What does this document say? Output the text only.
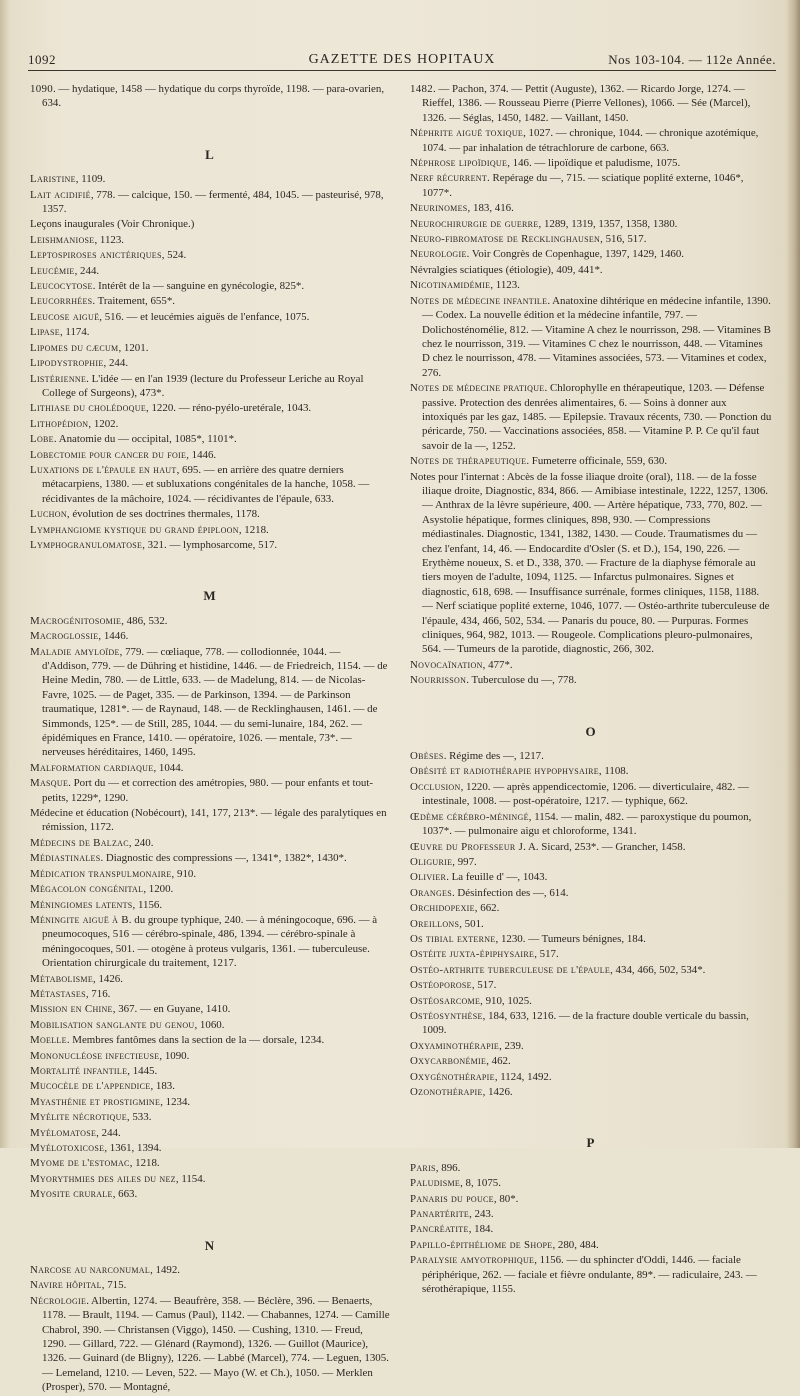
1092	GAZETTE DES HOPITAUX	Nos 103-104. — 112e Année.

1090. — hydatique, 1458 — hydatique du corps thyroïde, 1198. — para-ovarien, 634.

L

Laristine, 1109.

Lait acidifié, 778. — calcique, 150. — fermenté, 484, 1045. — pasteurisé, 978, 1357.

Leçons inaugurales (Voir Chronique.)

Leishmaniose, 1123.

Leptospiroses anictériques, 524.

Leucémie, 244.

Leucocytose. Intérêt de la — sanguine en gynécologie, 825*.

Leucorrhées. Traitement, 655*.

Leucose aiguë, 516. — et leucémies aiguës de l'enfance, 1075.

Lipase, 1174.

Lipomes du cæcum, 1201.

Lipodystrophie, 244.

Listérienne. L'idée — en l'an 1939 (lecture du Professeur Leriche au Royal College of Surgeons), 473*.

Lithiase du cholédoque, 1220. — réno-pyélo-uretérale, 1043.

Lithopédion, 1202.

Lobe. Anatomie du — occipital, 1085*, 1101*.

Lobectomie pour cancer du foie, 1446.

Luxations de l'épaule en haut, 695. — en arrière des quatre derniers métacarpiens, 1380. — et subluxations congénitales de la hanche, 1058. — récidivantes de la mâchoire, 1024. — récidivantes de l'épaule, 633.

Luchon, évolution de ses doctrines thermales, 1178.

Lymphangiome kystique du grand épiploon, 1218.

Lymphogranulomatose, 321. — lymphosarcome, 517.

M

Macrogénitosomie, 486, 532.

Macroglossie, 1446.

Maladie amyloïde, 779. — cœliaque, 778. — collodionnée, 1044. — d'Addison, 779. — de Dühring et histidine, 1446. — de Friedreich, 1154. — de Heine Medin, 780. — de Little, 633. — de Madelung, 814. — de Nicolas-Favre, 1025. — de Paget, 335. — de Parkinson, 1394. — de Parkinson traumatique, 1281*. — de Raynaud, 148. — de Recklinghausen, 1461. — de Simmonds, 125*. — de Still, 285, 1044. — du semi-lunaire, 184, 262. — épidémiques en France, 1410. — opératoire, 1026. — mentale, 73*. — nerveuses héréditaires, 1460, 1495.

Malformation cardiaque, 1044.

Masque. Port du — et correction des amétropies, 980. — pour enfants et tout-petits, 1229*, 1290.

Médecine et éducation (Nobécourt), 141, 177, 213*. — légale des paralytiques en rémission, 1172.

Médecins de Balzac, 240.

Médiastinales. Diagnostic des compressions —, 1341*, 1382*, 1430*.

Médication transpulmonaire, 910.

Mégacolon congénital, 1200.

Méningiomes latents, 1156.

Méningite aiguë à B. du groupe typhique, 240. — à méningocoque, 696. — à pneumocoques, 516 — cérébro-spinale, 486, 1394. — cérébro-spinale à méningocoques, 501. — otogène à proteus vulgaris, 1361. — tuberculeuse. Orientation chirurgicale du traitement, 1217.

Métabolisme, 1426.

Métastases, 716.

Mission en Chine, 367. — en Guyane, 1410.

Mobilisation sanglante du genou, 1060.

Moelle. Membres fantômes dans la section de la — dorsale, 1234.

Mononucléose infectieuse, 1090.

Mortalité infantile, 1445.

Mucocèle de l'appendice, 183.

Myasthénie et prostigmine, 1234.

Myélite nécrotique, 533.

Myélomatose, 244.

Myélotoxicose, 1361, 1394.

Myome de l'estomac, 1218.

Myorythmies des ailes du nez, 1154.

Myosite crurale, 663.

N

Narcose au narconumal, 1492.

Navire hôpital, 715.

Nécrologie. Albertin, 1274. — Beaufrère, 358. — Béclère, 396. — Benaerts, 1178. — Brault, 1194. — Camus (Paul), 1142. — Chabannes, 1274. — Camille Chabrol, 390. — Christansen (Viggo), 1450. — Cushing, 1310. — Freud, 1290. — Gillard, 722. — Glénard (Raymond), 1326. — Guillot (Maurice), 1326. — Guinard (de Bligny), 1226. — Labbé (Marcel), 774. — Leguen, 1305. — Lemeland, 1210. — Leven, 522. — Mayo (W. et Ch.), 1050. — Merklen (Prosper), 570. — Montagné,

1482. — Pachon, 374. — Pettit (Auguste), 1362. — Ricardo Jorge, 1274. — Rieffel, 1386. — Rousseau Pierre (Pierre Vellones), 1066. — Sée (Marcel), 1326. — Séglas, 1450, 1482. — Vaillant, 1450.

Néphrite aiguë toxique, 1027. — chronique, 1044. — chronique azotémique, 1074. — par inhalation de tétrachlorure de carbone, 663.

Néphrose lipoïdique, 146. — lipoïdique et paludisme, 1075.

Nerf récurrent. Repérage du —, 715. — sciatique poplité externe, 1046*, 1077*.

Neurinomes, 183, 416.

Neurochirurgie de guerre, 1289, 1319, 1357, 1358, 1380.

Neuro-fibromatose de Recklinghausen, 516, 517.

Neurologie. Voir Congrès de Copenhague, 1397, 1429, 1460.

Névralgies sciatiques (étiologie), 409, 441*.

Nicotinamidémie, 1123.

Notes de médecine infantile. Anatoxine dihtérique en médecine infantile, 1390. — Codex. La nouvelle édition et la médecine infantile, 797. — Dolichosténomélie, 812. — Vitamine A chez le nourrisson, 298. — Vitamines B chez le nourrisson, 319. — Vitamines C chez le nourrisson, 448. — Vitamines D chez le nourrisson, 478. — Vitamines associées, 573. — Vitamines et codex, 276.

Notes de médecine pratique. Chlorophylle en thérapeutique, 1203. — Défense passive. Protection des denrées alimentaires, 6. — Soins à donner aux intoxiqués par les gaz, 1485. — Epilepsie. Travaux récents, 730. — Ponction du péricarde, 750. — Vaccinations associées, 858. — Vitamine P. P. Ce qu'il faut savoir de la —, 1252.

Notes de thérapeutique. Fumeterre officinale, 559, 630.

Notes pour l'internat : Abcès de la fosse iliaque droite (oral), 118. — de la fosse iliaque droite, Diagnostic, 834, 866. — Amibiase intestinale, 1222, 1257, 1306. — Anthrax de la lèvre supérieure, 400. — Artère hépatique, 733, 770, 802. — Asystolie hépatique, formes cliniques, 898, 930. — Compressions médiastinales. Diagnostic, 1341, 1382, 1430. — Coude. Traumatismes du — chez l'enfant, 14, 46. — Endocardite d'Osler (S. et D.), 154, 190, 226. — Erythème noueux, S. et D., 338, 370. — Fracture de la diaphyse fémorale au tiers moyen de l'adulte, 1094, 1125. — Infarctus pulmonaires. Signes et diagnostic, 618, 698. — Insuffisance surrénale, formes cliniques, 1158, 1188. — Nerf sciatique poplité externe, 1046, 1077. — Ostéo-arthrite tuberculeuse de l'épaule, 434, 466, 502, 534. — Panaris du pouce, 80. — Purpuras. Formes cliniques, 964, 982, 1013. — Rougeole. Complications pleuro-pulmonaires, 564. — Tumeurs de la parotide, diagnostic, 266, 302.

Novocaïnation, 477*.

Nourrisson. Tuberculose du —, 778.

O

Obèses. Régime des —, 1217.

Obésité et radiothérapie hypophysaire, 1108.

Occlusion, 1220. — après appendicectomie, 1206. — diverticulaire, 482. — intestinale, 1008. — post-opératoire, 1217. — typhique, 662.

Œdème cérébro-méningé, 1154. — malin, 482. — paroxystique du poumon, 1037*. — pulmonaire aigu et chloroforme, 1341.

Œuvre du Professeur J. A. Sicard, 253*. — Grancher, 1458.

Oligurie, 997.

Olivier. La feuille d' —, 1043.

Oranges. Désinfection des —, 614.

Orchidopexie, 662.

Oreillons, 501.

Os tibial externe, 1230. — Tumeurs bénignes, 184.

Ostéite juxta-épiphysaire, 517.

Ostéo-arthrite tuberculeuse de l'épaule, 434, 466, 502, 534*.

Ostéoporose, 517.

Ostéosarcome, 910, 1025.

Ostéosynthèse, 184, 633, 1216. — de la fracture double verticale du bassin, 1009.

Oxyaminothérapie, 239.

Oxycarbonémie, 462.

Oxygénothérapie, 1124, 1492.

Ozonothérapie, 1426.

P

Paris, 896.

Paludisme, 8, 1075.

Panaris du pouce, 80*.

Panartérite, 243.

Pancréatite, 184.

Papillo-épithéliome de Shope, 280, 484.

Paralysie amyotrophique, 1156. — du sphincter d'Oddi, 1446. — faciale périphérique, 262. — faciale et fièvre ondulante, 89*. — radiculaire, 243. — sérothérapique, 1155.
